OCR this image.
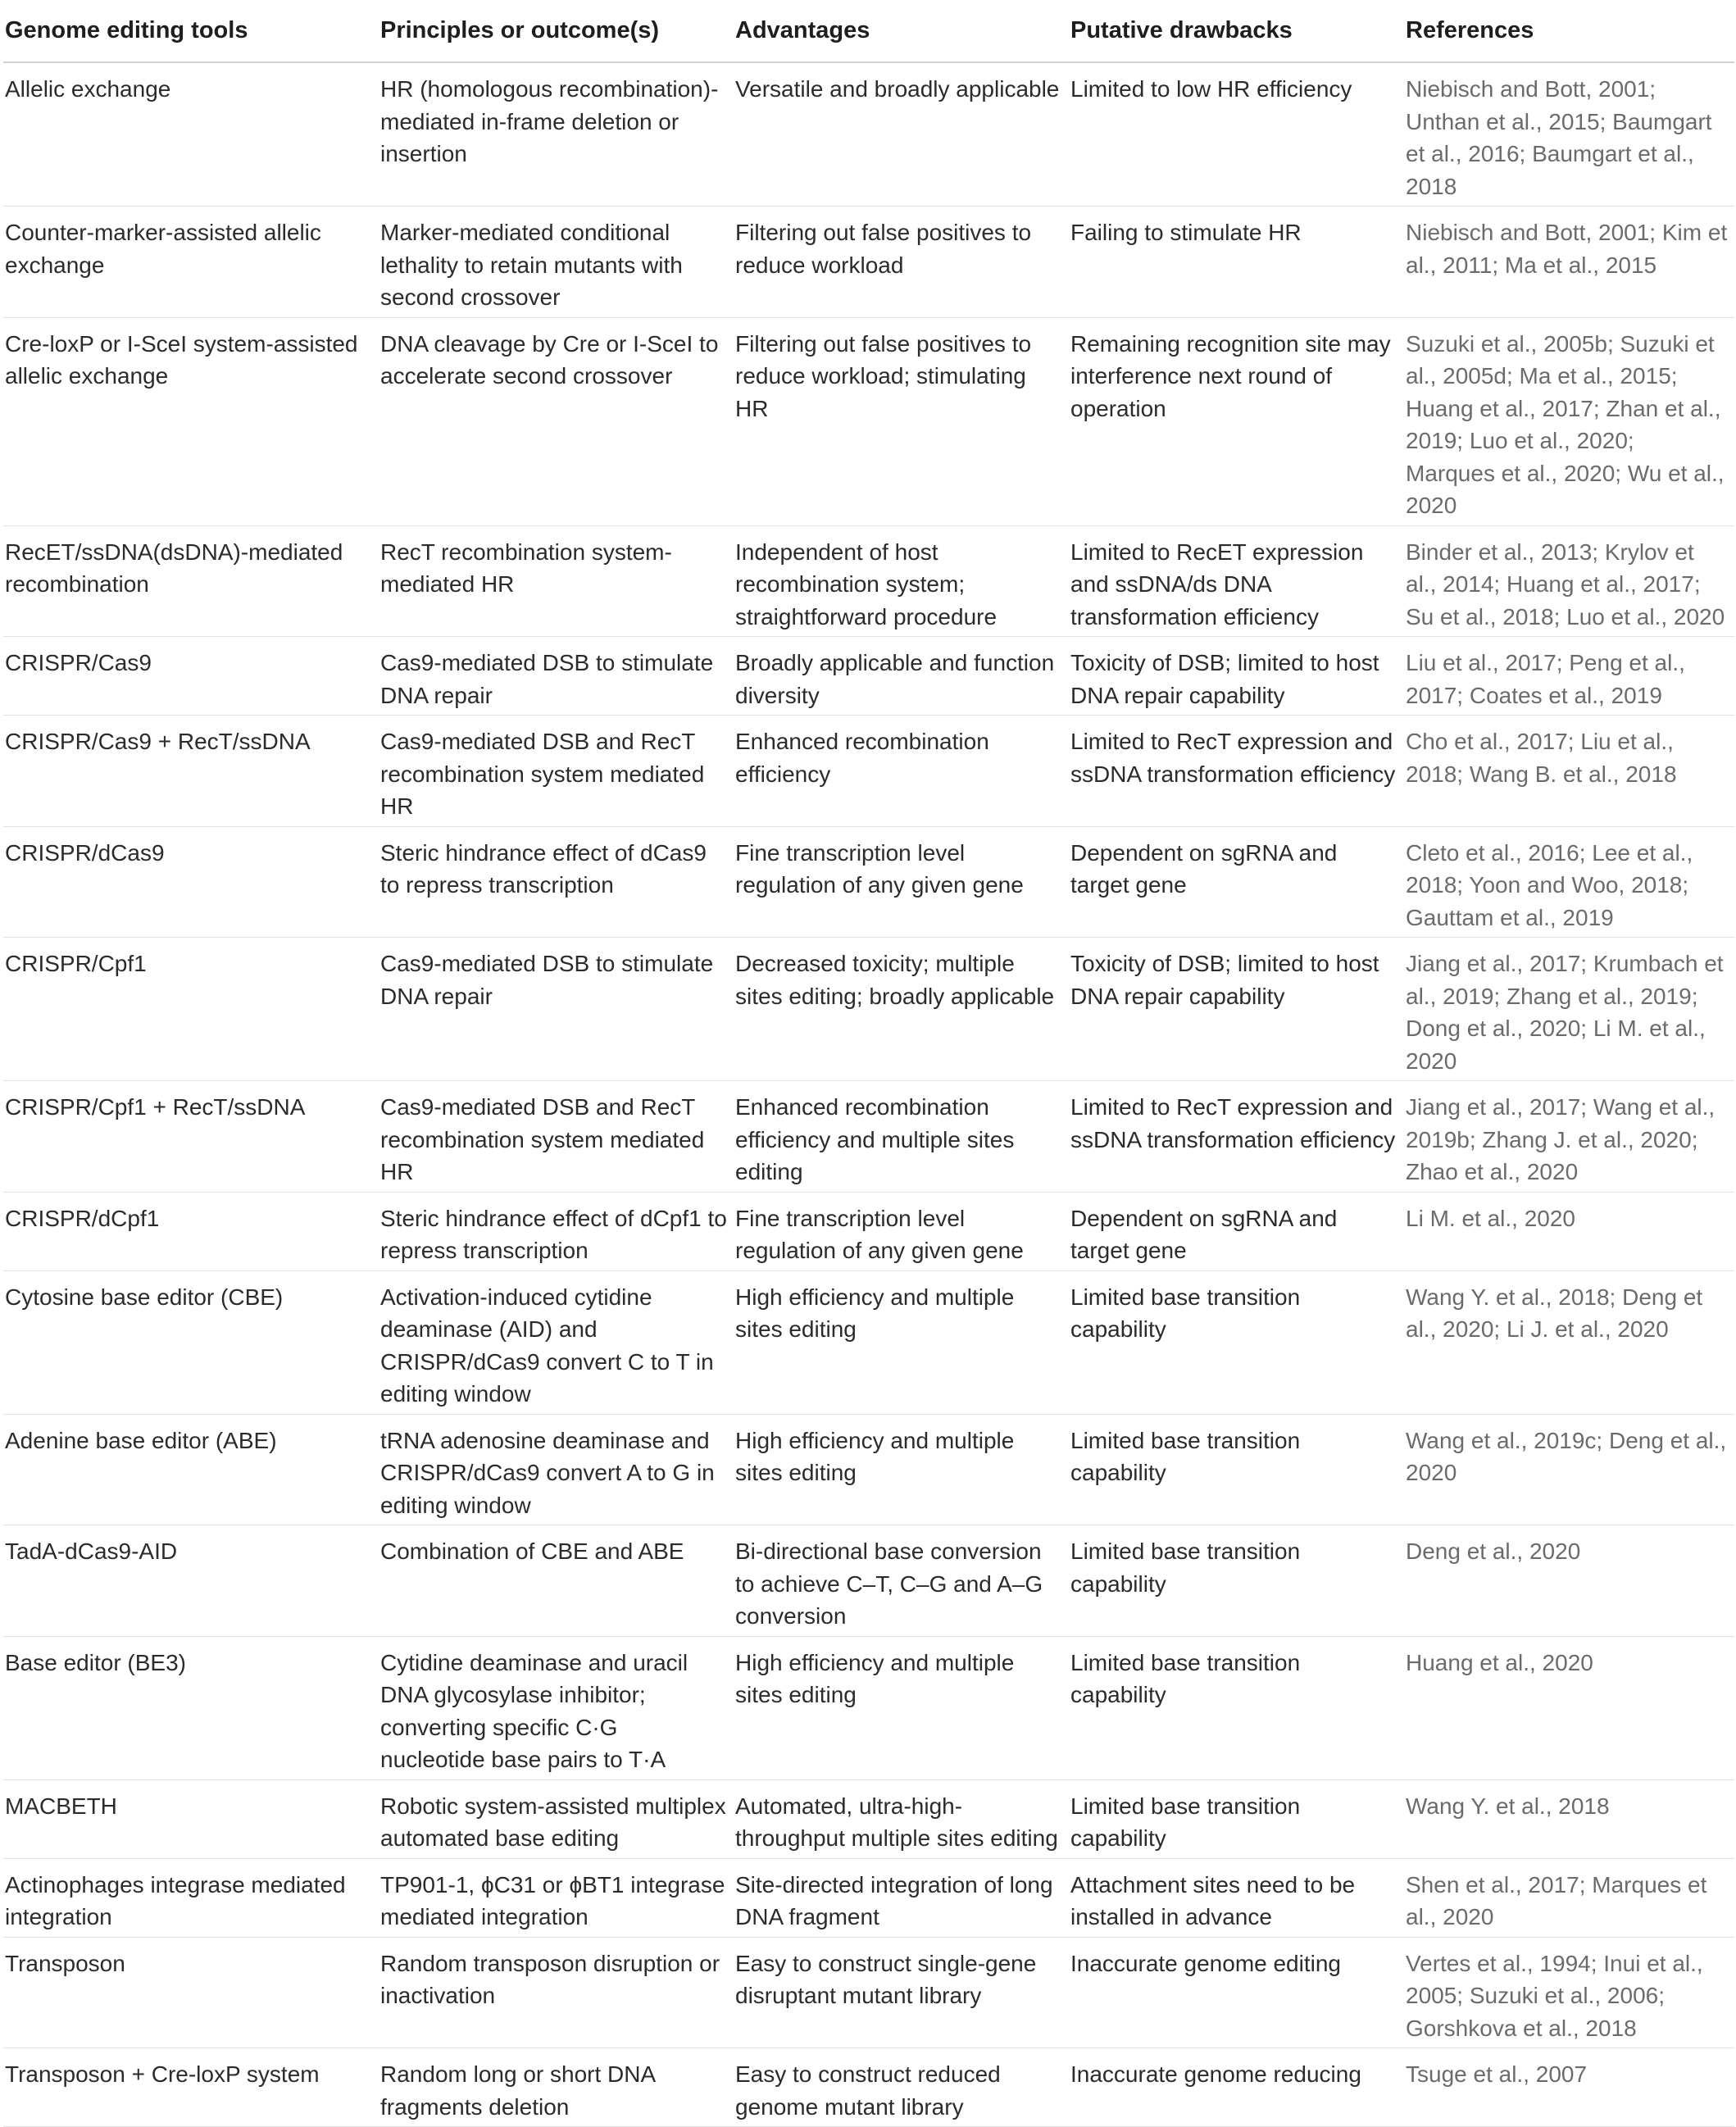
Genome editing tools	Principles or outcome(s)	Advantages	Putative drawbacks	References
Allelic exchange	HR (homologous recombination)-mediated in-frame deletion or insertion	Versatile and broadly applicable	Limited to low HR efficiency	Niebisch and Bott, 2001; Unthan et al., 2015; Baumgart et al., 2016; Baumgart et al., 2018
Counter-marker-assisted allelic exchange	Marker-mediated conditional lethality to retain mutants with second crossover	Filtering out false positives to reduce workload	Failing to stimulate HR	Niebisch and Bott, 2001; Kim et al., 2011; Ma et al., 2015
Cre-loxP or I-SceI system-assisted allelic exchange	DNA cleavage by Cre or I-SceI to accelerate second crossover	Filtering out false positives to reduce workload; stimulating HR	Remaining recognition site may interference next round of operation	Suzuki et al., 2005b; Suzuki et al., 2005d; Ma et al., 2015; Huang et al., 2017; Zhan et al., 2019; Luo et al., 2020; Marques et al., 2020; Wu et al., 2020
RecET/ssDNA(dsDNA)-mediated recombination	RecT recombination system-mediated HR	Independent of host recombination system; straightforward procedure	Limited to RecET expression and ssDNA/ds DNA transformation efficiency	Binder et al., 2013; Krylov et al., 2014; Huang et al., 2017; Su et al., 2018; Luo et al., 2020
CRISPR/Cas9	Cas9-mediated DSB to stimulate DNA repair	Broadly applicable and function diversity	Toxicity of DSB; limited to host DNA repair capability	Liu et al., 2017; Peng et al., 2017; Coates et al., 2019
CRISPR/Cas9 + RecT/ssDNA	Cas9-mediated DSB and RecT recombination system mediated HR	Enhanced recombination efficiency	Limited to RecT expression and ssDNA transformation efficiency	Cho et al., 2017; Liu et al., 2018; Wang B. et al., 2018
CRISPR/dCas9	Steric hindrance effect of dCas9 to repress transcription	Fine transcription level regulation of any given gene	Dependent on sgRNA and target gene	Cleto et al., 2016; Lee et al., 2018; Yoon and Woo, 2018; Gauttam et al., 2019
CRISPR/Cpf1	Cas9-mediated DSB to stimulate DNA repair	Decreased toxicity; multiple sites editing; broadly applicable	Toxicity of DSB; limited to host DNA repair capability	Jiang et al., 2017; Krumbach et al., 2019; Zhang et al., 2019; Dong et al., 2020; Li M. et al., 2020
CRISPR/Cpf1 + RecT/ssDNA	Cas9-mediated DSB and RecT recombination system mediated HR	Enhanced recombination efficiency and multiple sites editing	Limited to RecT expression and ssDNA transformation efficiency	Jiang et al., 2017; Wang et al., 2019b; Zhang J. et al., 2020; Zhao et al., 2020
CRISPR/dCpf1	Steric hindrance effect of dCpf1 to repress transcription	Fine transcription level regulation of any given gene	Dependent on sgRNA and target gene	Li M. et al., 2020
Cytosine base editor (CBE)	Activation-induced cytidine deaminase (AID) and CRISPR/dCas9 convert C to T in editing window	High efficiency and multiple sites editing	Limited base transition capability	Wang Y. et al., 2018; Deng et al., 2020; Li J. et al., 2020
Adenine base editor (ABE)	tRNA adenosine deaminase and CRISPR/dCas9 convert A to G in editing window	High efficiency and multiple sites editing	Limited base transition capability	Wang et al., 2019c; Deng et al., 2020
TadA-dCas9-AID	Combination of CBE and ABE	Bi-directional base conversion to achieve C–T, C–G and A–G conversion	Limited base transition capability	Deng et al., 2020
Base editor (BE3)	Cytidine deaminase and uracil DNA glycosylase inhibitor; converting specific C·G nucleotide base pairs to T·A	High efficiency and multiple sites editing	Limited base transition capability	Huang et al., 2020
MACBETH	Robotic system-assisted multiplex automated base editing	Automated, ultra-high-throughput multiple sites editing	Limited base transition capability	Wang Y. et al., 2018
Actinophages integrase mediated integration	TP901-1, ϕC31 or ϕBT1 integrase mediated integration	Site-directed integration of long DNA fragment	Attachment sites need to be installed in advance	Shen et al., 2017; Marques et al., 2020
Transposon	Random transposon disruption or inactivation	Easy to construct single-gene disruptant mutant library	Inaccurate genome editing	Vertes et al., 1994; Inui et al., 2005; Suzuki et al., 2006; Gorshkova et al., 2018
Transposon + Cre-loxP system	Random long or short DNA fragments deletion	Easy to construct reduced genome mutant library	Inaccurate genome reducing	Tsuge et al., 2007
